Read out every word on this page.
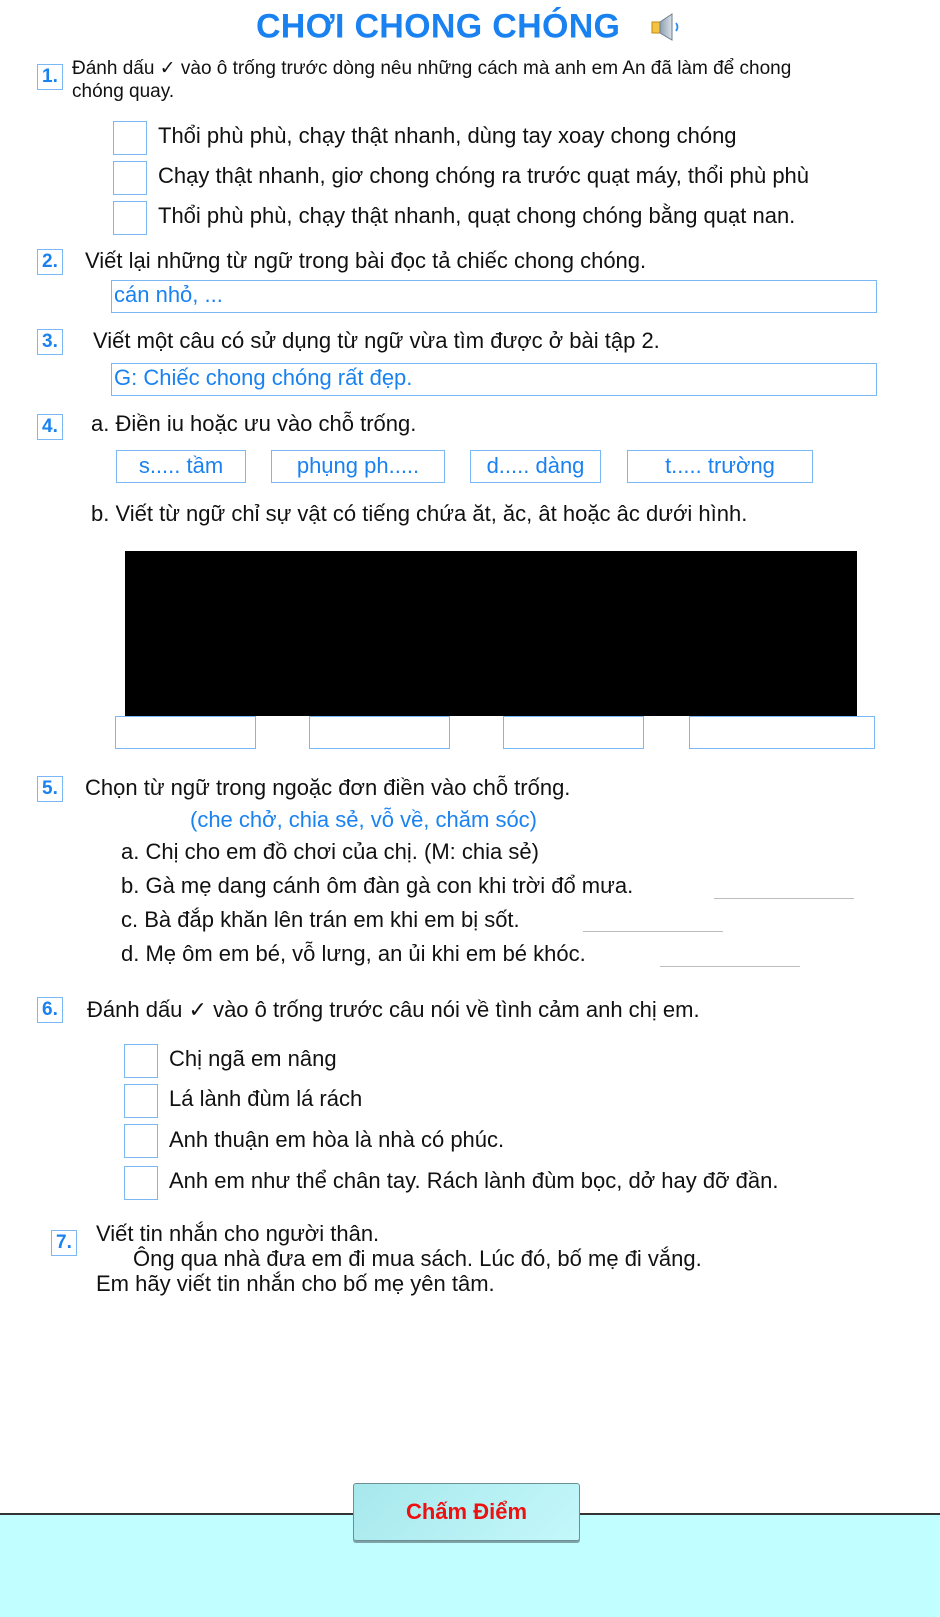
CHƠI CHONG CHÓNG
1. Đánh dấu ✓ vào ô trống trước dòng nêu những cách mà anh em An đã làm để chong
chóng quay.
Thổi phù phù, chạy thật nhanh, dùng tay xoay chong chóng
Chạy thật nhanh, giơ chong chóng ra trước quạt máy, thổi phù phù
Thổi phù phù, chạy thật nhanh, quạt chong chóng bằng quạt nan.
2. Viết lại những từ ngữ trong bài đọc tả chiếc chong chóng.
cán nhỏ, ...
3. Viết một câu có sử dụng từ ngữ vừa tìm được ở bài tập 2.
G: Chiếc chong chóng rất đẹp.
4. a. Điền iu hoặc ưu vào chỗ trống.
s..... tầm	phụng ph.....	d..... dàng	t..... trường
b. Viết từ ngữ chỉ sự vật có tiếng chứa ăt, ăc, ât hoặc âc dưới hình.
5. Chọn từ ngữ trong ngoặc đơn điền vào chỗ trống.
(che chở, chia sẻ, vỗ về, chăm sóc)
a. Chị cho em đồ chơi của chị. (M: chia sẻ)
b. Gà mẹ dang cánh ôm đàn gà con khi trời đổ mưa.
c. Bà đắp khăn lên trán em khi em bị sốt.
d. Mẹ ôm em bé, vỗ lưng, an ủi khi em bé khóc.
6. Đánh dấu ✓ vào ô trống trước câu nói về tình cảm anh chị em.
Chị ngã em nâng
Lá lành đùm lá rách
Anh thuận em hòa là nhà có phúc.
Anh em như thể chân tay. Rách lành đùm bọc, dở hay đỡ đần.
7. Viết tin nhắn cho người thân.
Ông qua nhà đưa em đi mua sách. Lúc đó, bố mẹ đi vắng.
Em hãy viết tin nhắn cho bố mẹ yên tâm.
Chấm Điểm
